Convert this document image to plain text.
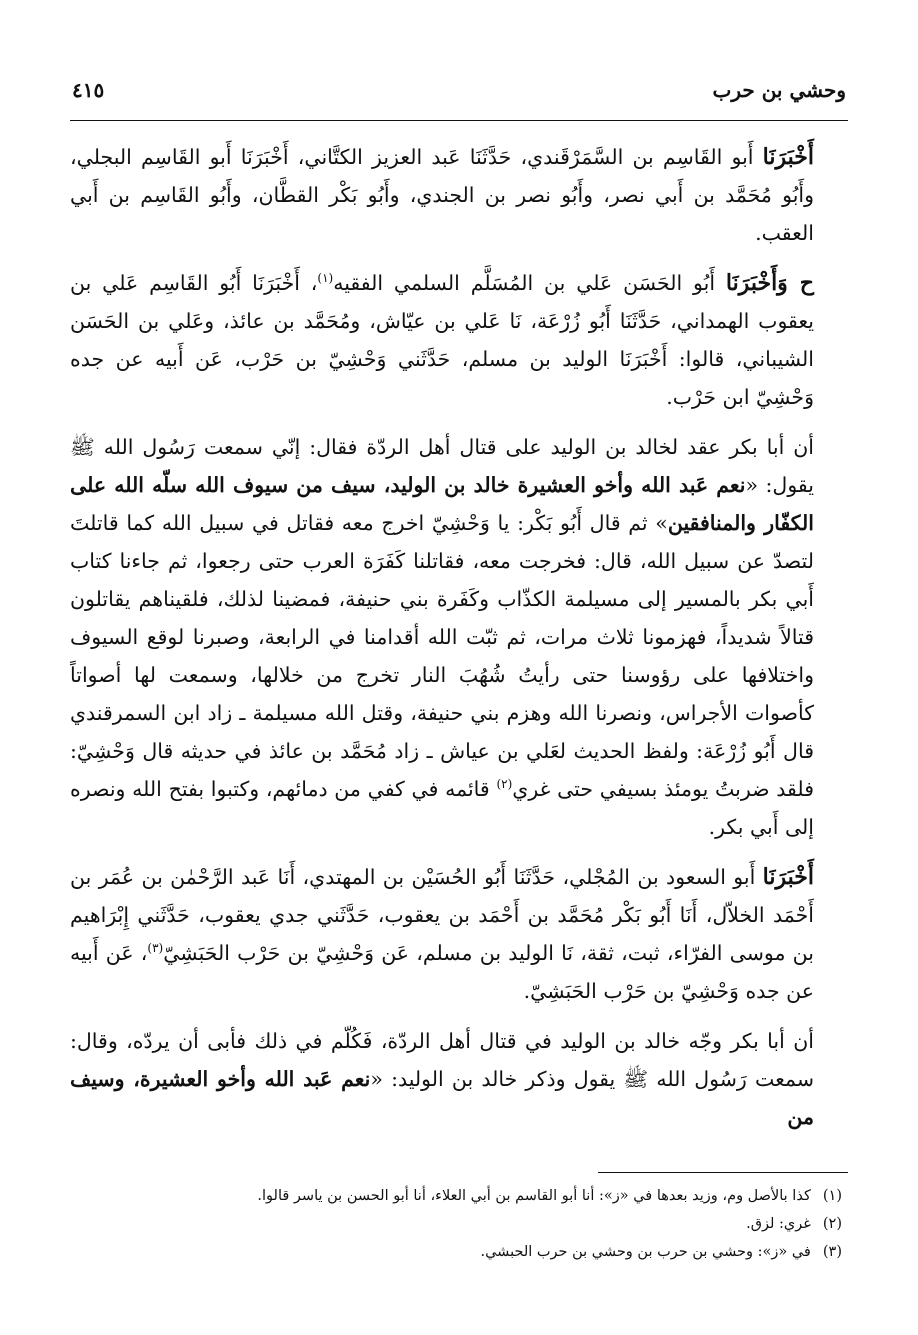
وحشي بن حرب
٤١٥

أَخْبَرَنَا أَبو القَاسِم بن السَّمَرْقَندي، حَدَّثَنَا عَبد العزيز الكتَّاني، أَخْبَرَنَا أَبو القَاسِم البجلي، وأَبُو مُحَمَّد بن أَبي نصر، وأَبُو نصر بن الجندي، وأَبُو بَكْر القطَّان، وأَبُو القَاسِم بن أَبي العقب.

ح وَأَخْبَرَنَا أَبُو الحَسَن عَلي بن المُسَلَّم السلمي الفقيه$^{(١)}$، أَخْبَرَنَا أَبُو القَاسِم عَلي بن يعقوب الهمداني، حَدَّثَنَا أَبُو زُرْعَة، نَا عَلي بن عيّاش، ومُحَمَّد بن عائذ، وعَلي بن الحَسَن الشيباني، قالوا: أَخْبَرَنَا الوليد بن مسلم، حَدَّثَني وَحْشِيّ بن حَرْب، عَن أَبيه عن جده وَحْشِيّ ابن حَرْب.

أن أبا بكر عقد لخالد بن الوليد على قتال أهل الردّة فقال: إنّي سمعت رَسُول الله ﷺ يقول: «نعم عَبد الله وأخو العشيرة خالد بن الوليد، سيف من سيوف الله سلّه الله على الكفّار والمنافقين» ثم قال أَبُو بَكْر: يا وَحْشِيّ اخرج معه فقاتل في سبيل الله كما قاتلتَ لتصدّ عن سبيل الله، قال: فخرجت معه، فقاتلنا كَفَرَة العرب حتى رجعوا، ثم جاءنا كتاب أَبي بكر بالمسير إلى مسيلمة الكذّاب وكَفَرة بني حنيفة، فمضينا لذلك، فلقيناهم يقاتلون قتالاً شديداً، فهزمونا ثلاث مرات، ثم ثبّت الله أقدامنا في الرابعة، وصبرنا لوقع السيوف واختلافها على رؤوسنا حتى رأيتُ شُهُبَ النار تخرج من خلالها، وسمعت لها أصواتاً كأصوات الأجراس، ونصرنا الله وهزم بني حنيفة، وقتل الله مسيلمة ـ زاد ابن السمرقندي قال أَبُو زُرْعَة: ولفظ الحديث لعَلي بن عياش ـ زاد مُحَمَّد بن عائذ في حديثه قال وَحْشِيّ: فلقد ضربتُ يومئذ بسيفي حتى غري$^{(٢)}$ قائمه في كفي من دمائهم، وكتبوا بفتح الله ونصره إلى أَبي بكر.

أَخْبَرَنَا أَبو السعود بن المُجْلي، حَدَّثَنَا أَبُو الحُسَيْن بن المهتدي، أَنَا عَبد الرَّحْمٰن بن عُمَر بن أَحْمَد الخلاّل، أَنَا أَبُو بَكْر مُحَمَّد بن أَحْمَد بن يعقوب، حَدَّثَني جدي يعقوب، حَدَّثَني إِبْرَاهيم بن موسى الفرّاء، ثبت، ثقة، نَا الوليد بن مسلم، عَن وَحْشِيّ بن حَرْب الحَبَشِيّ$^{(٣)}$، عَن أَبيه عن جده وَحْشِيّ بن حَرْب الحَبَشِيّ.

أن أبا بكر وجّه خالد بن الوليد في قتال أهل الردّة، فَكُلّم في ذلك فأبى أن يردّه، وقال: سمعت رَسُول الله ﷺ يقول وذكر خالد بن الوليد: «نعم عَبد الله وأخو العشيرة، وسيف من

(١)كذا بالأصل وم، وزيد بعدها في «ز»: أنا أبو القاسم بن أبي العلاء، أنا أبو الحسن بن ياسر قالوا.

(٢)غري: لزق.

(٣)في «ز»: وحشي بن حرب بن وحشي بن حرب الحبشي.
